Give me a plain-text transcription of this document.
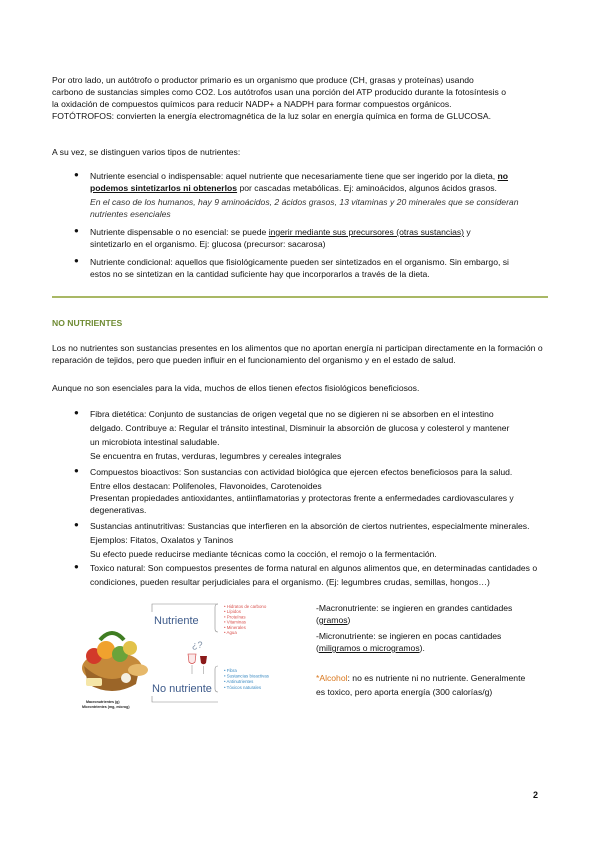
Por otro lado, un autótrofo o productor primario es un organismo que produce (CH, grasas y proteínas) usando
carbono de sustancias simples como CO2. Los autótrofos usan una porción del ATP producido durante la fotosíntesis o
la oxidación de compuestos químicos para reducir NADP+ a NADPH para formar compuestos orgánicos.
FOTÓTROFOS: convierten la energía electromagnética de la luz solar en energía química en forma de GLUCOSA.
A su vez, se distinguen varios tipos de nutrientes:
● Nutriente esencial o indispensable: aquel nutriente que necesariamente tiene que ser ingerido por la dieta, no
podemos sintetizarlos ni obtenerlos por cascadas metabólicas. Ej: aminoácidos, algunos ácidos grasos.
En el caso de los humanos, hay 9 aminoácidos, 2 ácidos grasos, 13 vitaminas y 20 minerales que se consideran
nutrientes esenciales
● Nutriente dispensable o no esencial: se puede ingerir mediante sus precursores (otras sustancias) y
sintetizarlo en el organismo. Ej: glucosa (precursor: sacarosa)
● Nutriente condicional: aquellos que fisiológicamente pueden ser sintetizados en el organismo. Sin embargo, si
estos no se sintetizan en la cantidad suficiente hay que incorporarlos a través de la dieta.
NO NUTRIENTES
Los no nutrientes son sustancias presentes en los alimentos que no aportan energía ni participan directamente en la formación o
reparación de tejidos, pero que pueden influir en el funcionamiento del organismo y en el estado de salud.
Aunque no son esenciales para la vida, muchos de ellos tienen efectos fisiológicos beneficiosos.
● Fibra dietética: Conjunto de sustancias de origen vegetal que no se digieren ni se absorben en el intestino
delgado. Contribuye a: Regular el tránsito intestinal, Disminuir la absorción de glucosa y colesterol y mantener
un microbiota intestinal saludable.
Se encuentra en frutas, verduras, legumbres y cereales integrales
● Compuestos bioactivos: Son sustancias con actividad biológica que ejercen efectos beneficiosos para la salud.
Entre ellos destacan: Polifenoles, Flavonoides, Carotenoides
Presentan propiedades antioxidantes, antiinflamatorias y protectoras frente a enfermedades cardiovasculares y
degenerativas.
● Sustancias antinutritivas: Sustancias que interfieren en la absorción de ciertos nutrientes, especialmente minerales.
Ejemplos: Fitatos, Oxalatos y Taninos
Su efecto puede reducirse mediante técnicas como la cocción, el remojo o la fermentación.
● Toxico natural: Son compuestos presentes de forma natural en algunos alimentos que, en determinadas cantidades o
condiciones, pueden resultar perjudiciales para el organismo. (Ej: legumbres crudas, semillas, hongos…)
Macronutrientes (g)
Microntrientes (mg, microg)
Nutriente
¿?
No nutriente
• Hidratos de carbono
• Lípidos
• Proteínas
• Vitaminas
• Minerales
• Agua
• Fibra
• Sustancias bioactivas
• Antinutrientes
• Tóxicos naturales
-Macronutriente: se ingieren en grandes cantidades
(gramos)
-Micronutriente: se ingieren en pocas cantidades
(miligramos o microgramos).
*Alcohol: no es nutriente ni no nutriente. Generalmente
es toxico, pero aporta energía (300 calorías/g)
2
